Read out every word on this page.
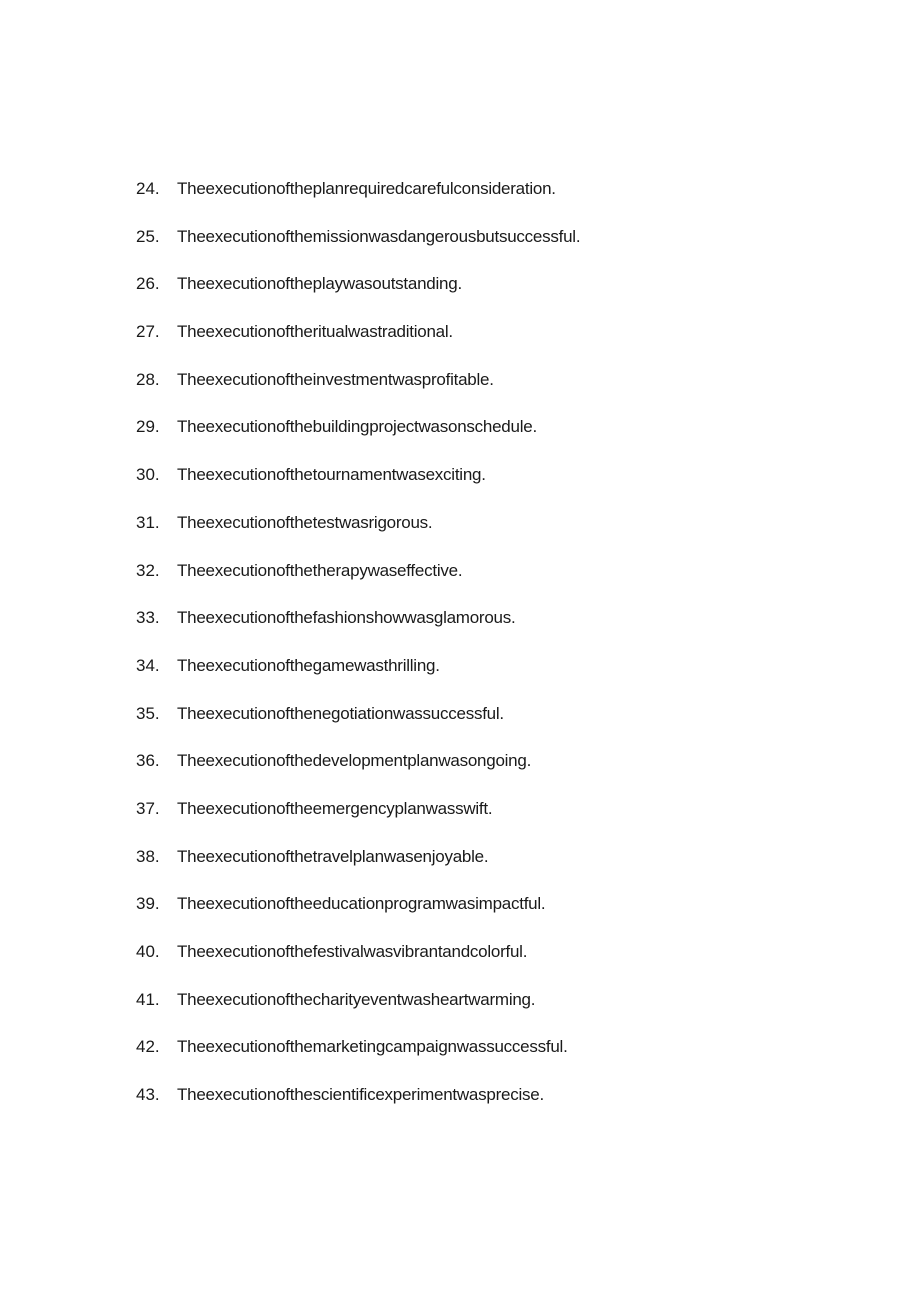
24.	Theexecutionoftheplanrequiredcarefulconsideration.
25.	Theexecutionofthemissionwasdangerousbutsuccessful.
26.	Theexecutionoftheplaywasoutstanding.
27.	Theexecutionoftheritualwastraditional.
28.	Theexecutionoftheinvestmentwasprofitable.
29.	Theexecutionofthebuildingprojectwasonschedule.
30.	Theexecutionofthetournamentwasexciting.
31.	Theexecutionofthetestwasrigorous.
32.	Theexecutionofthetherapywaseffective.
33.	Theexecutionofthefashionshowwasglamorous.
34.	Theexecutionofthegamewasthrilling.
35.	Theexecutionofthenegotiationwassuccessful.
36.	Theexecutionofthedevelopmentplanwasongoing.
37.	Theexecutionoftheemergencyplanwasswift.
38.	Theexecutionofthetravelplanwasenjoyable.
39.	Theexecutionoftheeducationprogramwasimpactful.
40.	Theexecutionofthefestivalwasvibrantandcolorful.
41.	Theexecutionofthecharityeventwasheartwarming.
42.	Theexecutionofthemarketingcampaignwassuccessful.
43.	Theexecutionofthescientificexperimentwasprecise.
